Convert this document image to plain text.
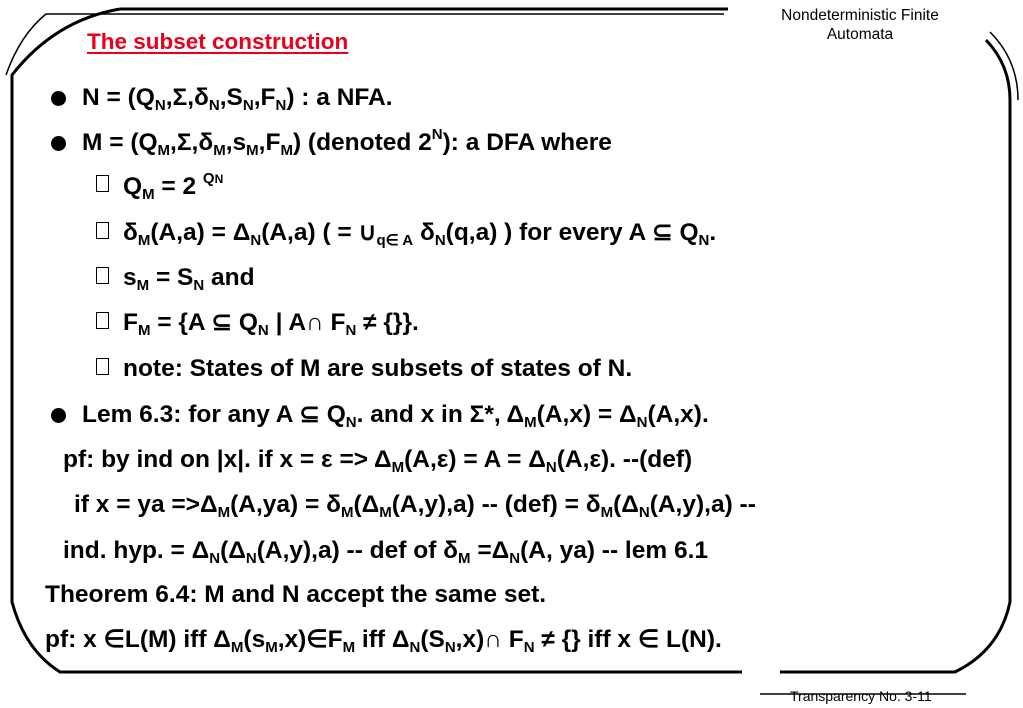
Nondeterministic Finite
Automata
The subset construction
$N = (Q_N,\Sigma,\delta_N,S_N,F_N)$ : a NFA.
$M = (Q_M,\Sigma,\delta_M,s_M,F_M)$ (denoted $2^N$): a DFA where
$Q_M = 2$ $^{QN}$
$\delta_M(A,a) = \Delta_N(A,a)$ ( = $\cup_{q\in A}$ $\delta_N(q,a)$ ) for every A ⊆ $Q_N$.
$s_M = S_N$ and
$F_M = \{A$ ⊆ $Q_N$ | A∩ $F_N$ ≠ {}}.
note: States of M are subsets of states of N.
Lem 6.3: for any A ⊆ $Q_N$. and x in Σ*, $\Delta_M(A,x) = \Delta_N(A,x)$.
pf: by ind on |x|. if $x = \varepsilon => \Delta_M(A,\varepsilon) = A = \Delta_N(A,\varepsilon)$. --(def)
if x = ya $=>\Delta_M(A,ya) = \delta_M(\Delta_M(A,y),a) -- (def) = \delta_M(\Delta_N(A,y),a)$ --
ind. hyp. = $\Delta_N(\Delta_N(A,y),a)$ -- def of $\delta_M =\Delta_N(A$, ya) -- lem 6.1
Theorem 6.4: M and N accept the same set.
pf: x ∈L(M) iff $\Delta_M(s_M,x)\in F_M$ iff $\Delta_N(S_N,x)\cap$ $F_N$ ≠ {} iff x ∈ L(N).
Transparency No. 3-11
